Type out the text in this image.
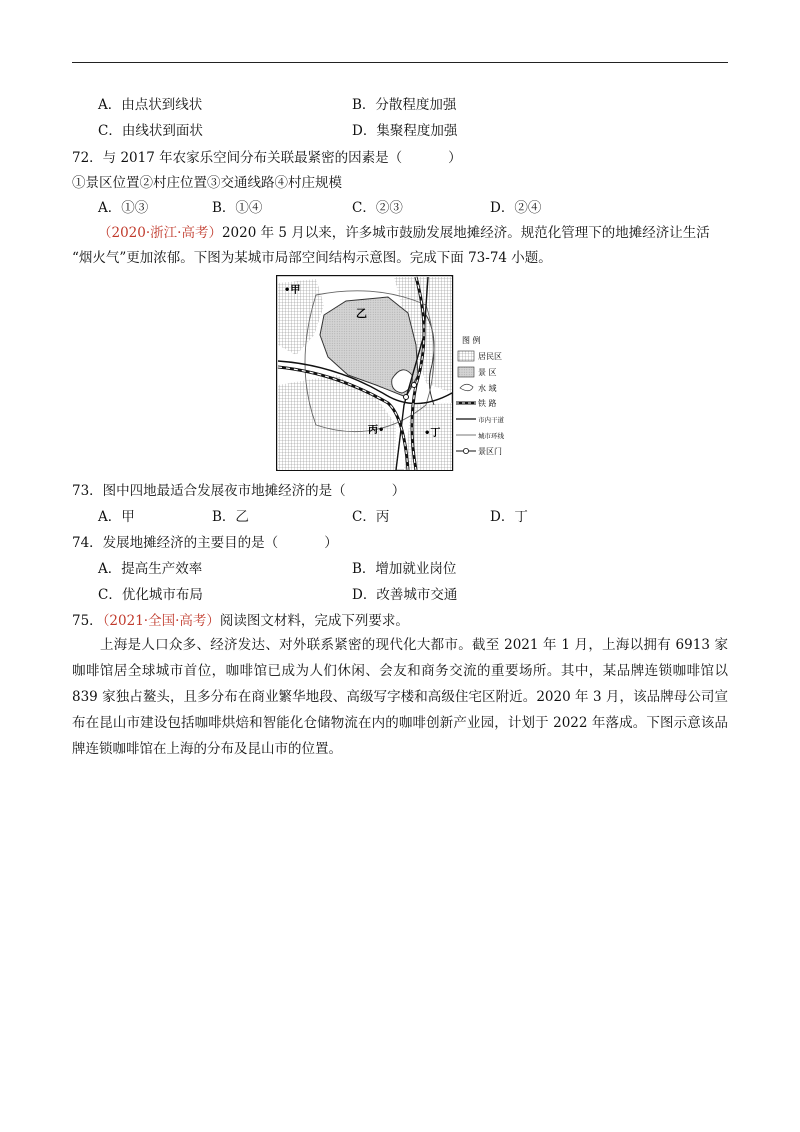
A．由点状到线状	B．分散程度加强
C．由线状到面状	D．集聚程度加强
72．与 2017 年农家乐空间分布关联最紧密的因素是（	）
①景区位置②村庄位置③交通线路④村庄规模
A．①③	B．①④	C．②③	D．②④
（2020·浙江·高考）2020 年 5 月以来，许多城市鼓励发展地摊经济。规范化管理下的地摊经济让生活
“烟火气”更加浓郁。下图为某城市局部空间结构示意图。完成下面 73-74 小题。
•甲
乙
丙•	•丁
图 例
居民区
景 区
水 域
铁 路
市内干道
城市环线
景区门
73．图中四地最适合发展夜市地摊经济的是（	）
A．甲	B．乙	C．丙	D．丁
74．发展地摊经济的主要目的是（	）
A．提高生产效率	B．增加就业岗位
C．优化城市布局	D．改善城市交通
75．（2021·全国·高考）阅读图文材料，完成下列要求。
上海是人口众多、经济发达、对外联系紧密的现代化大都市。截至 2021 年 1 月，上海以拥有 6913 家咖啡馆居全球城市首位，咖啡馆已成为人们休闲、会友和商务交流的重要场所。其中，某品牌连锁咖啡馆以 839 家独占鳌头，且多分布在商业繁华地段、高级写字楼和高级住宅区附近。2020 年 3 月，该品牌母公司宣布在昆山市建设包括咖啡烘焙和智能化仓储物流在内的咖啡创新产业园，计划于 2022 年落成。下图示意该品牌连锁咖啡馆在上海的分布及昆山市的位置。
